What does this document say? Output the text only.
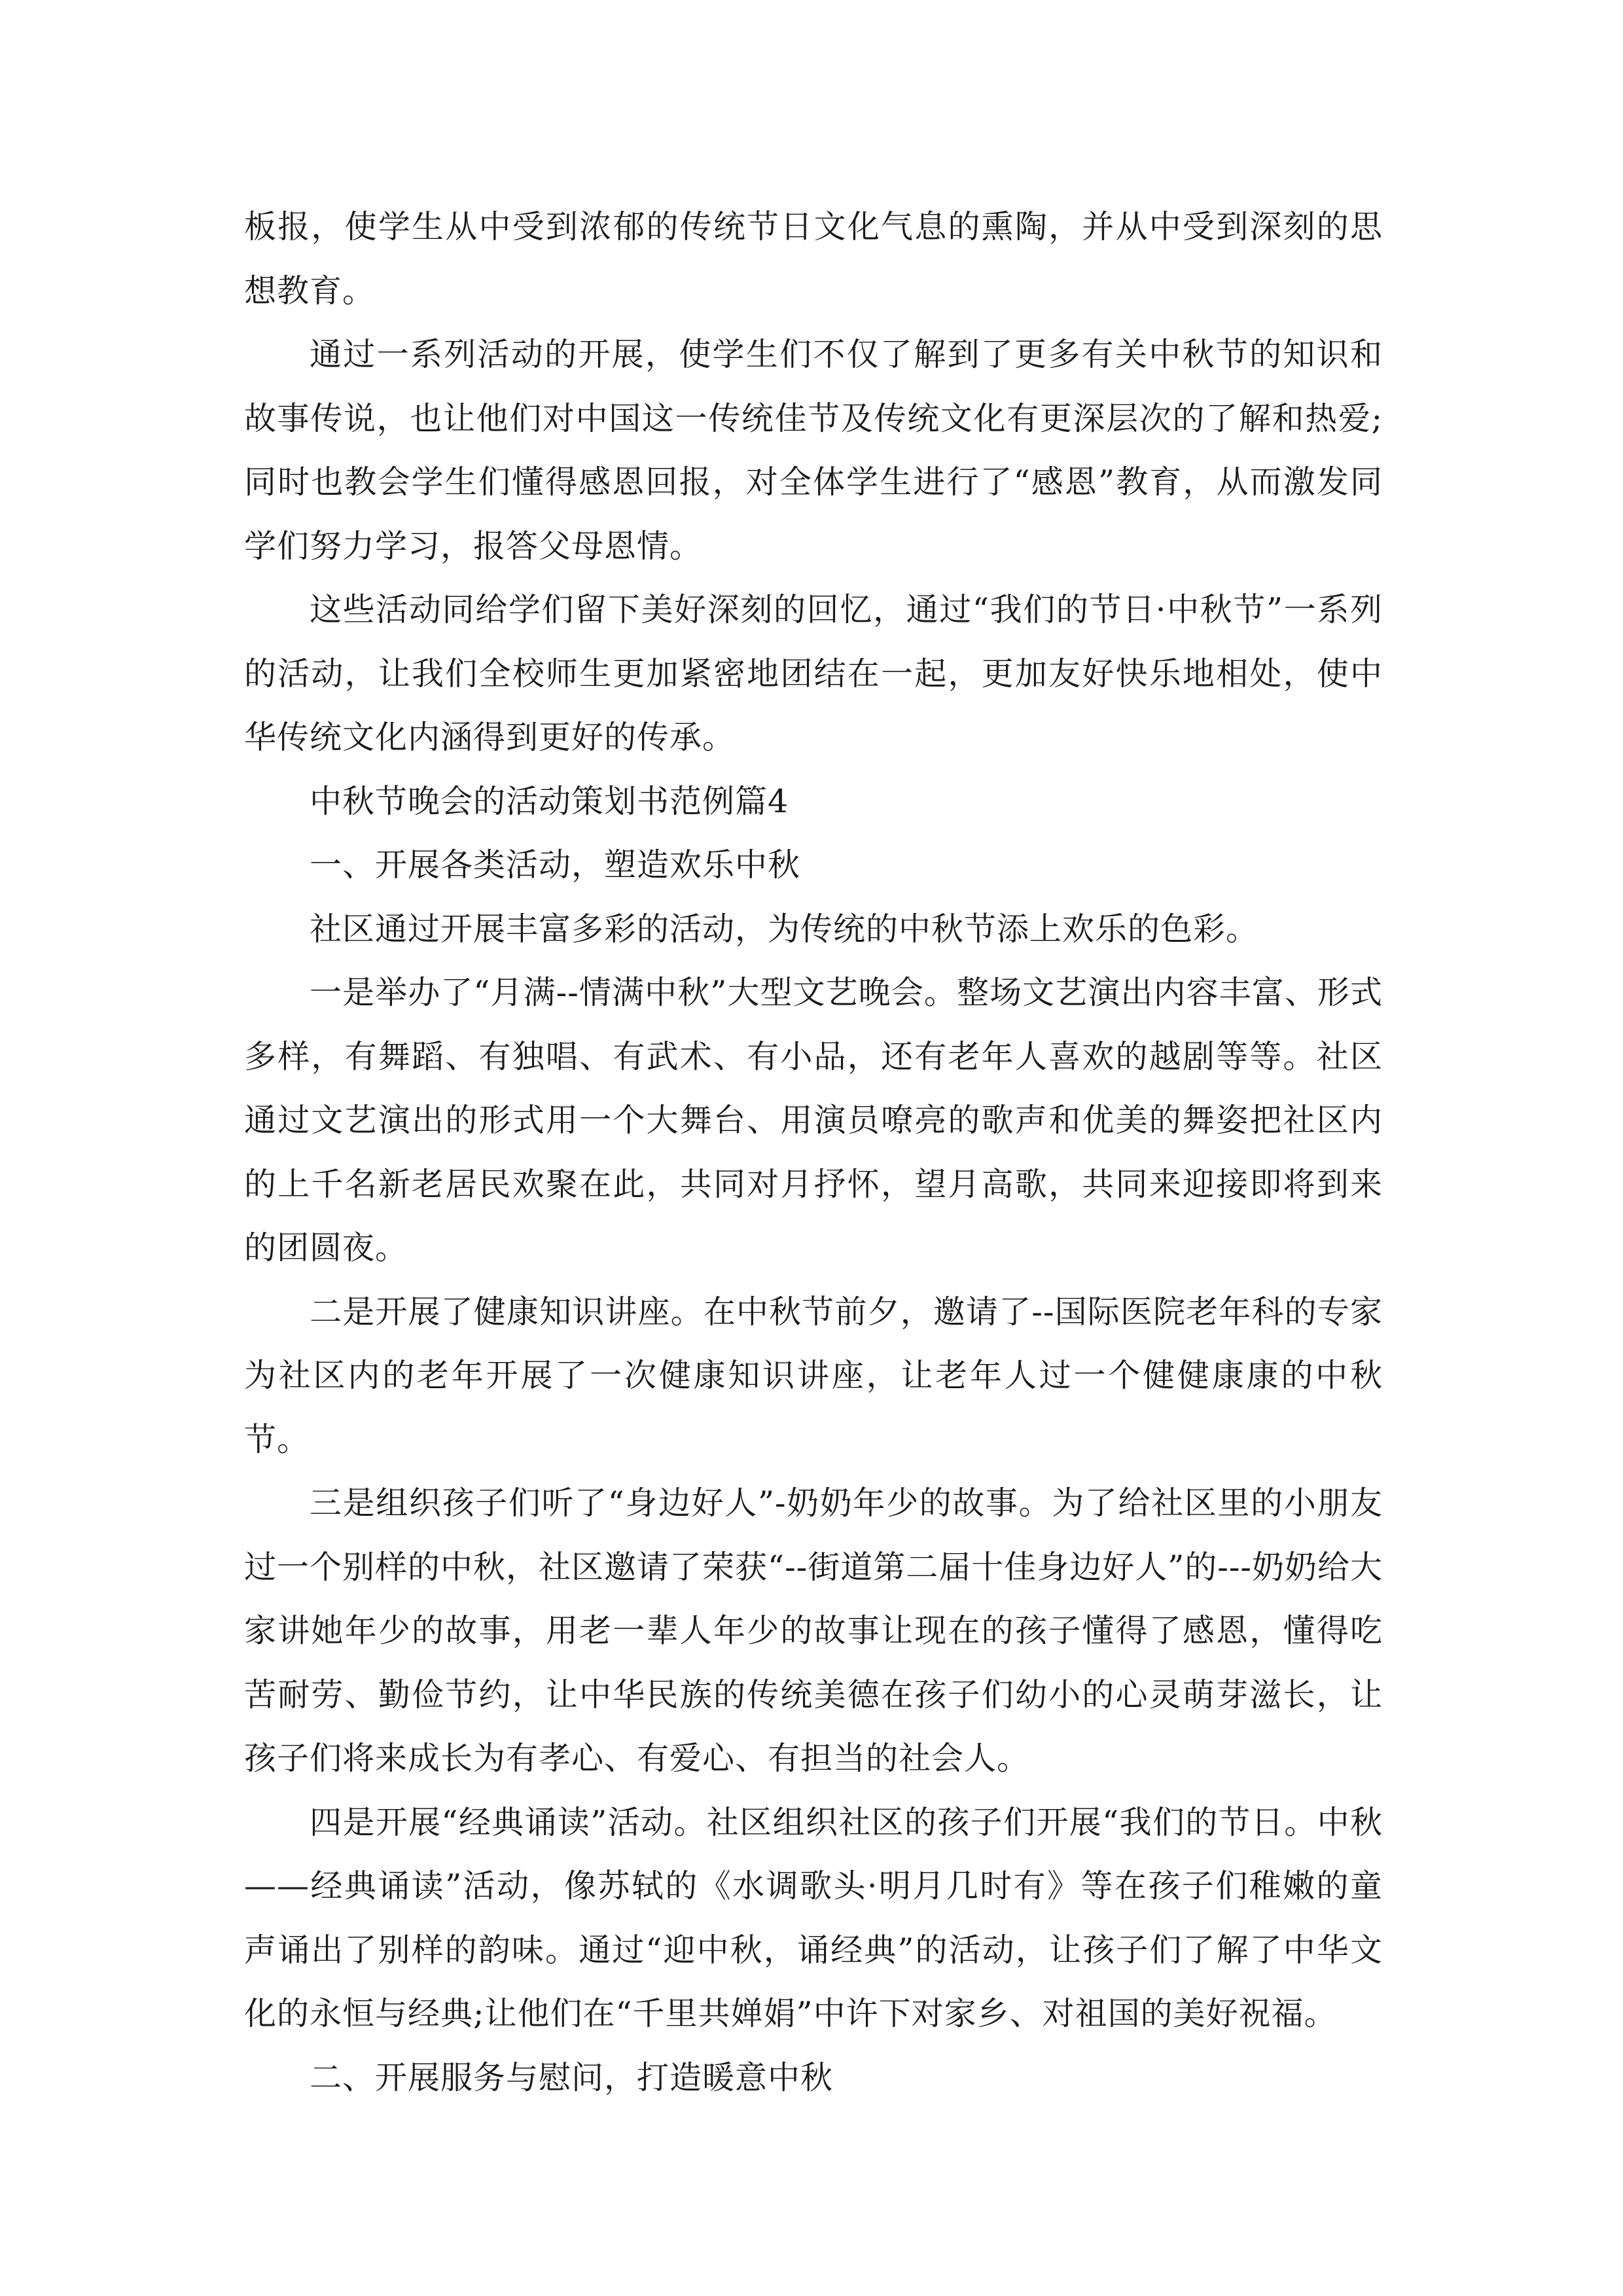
板报，使学生从中受到浓郁的传统节日文化气息的熏陶，并从中受到深刻的思想教育。

通过一系列活动的开展，使学生们不仅了解到了更多有关中秋节的知识和故事传说，也让他们对中国这一传统佳节及传统文化有更深层次的了解和热爱;同时也教会学生们懂得感恩回报，对全体学生进行了“感恩”教育，从而激发同学们努力学习，报答父母恩情。

这些活动同给学们留下美好深刻的回忆，通过“我们的节日·中秋节”一系列的活动，让我们全校师生更加紧密地团结在一起，更加友好快乐地相处，使中华传统文化内涵得到更好的传承。

中秋节晚会的活动策划书范例篇4

一、开展各类活动，塑造欢乐中秋

社区通过开展丰富多彩的活动，为传统的中秋节添上欢乐的色彩。

一是举办了“月满--情满中秋”大型文艺晚会。整场文艺演出内容丰富、形式多样，有舞蹈、有独唱、有武术、有小品，还有老年人喜欢的越剧等等。社区通过文艺演出的形式用一个大舞台、用演员嘹亮的歌声和优美的舞姿把社区内的上千名新老居民欢聚在此，共同对月抒怀，望月高歌，共同来迎接即将到来的团圆夜。

二是开展了健康知识讲座。在中秋节前夕，邀请了--国际医院老年科的专家为社区内的老年开展了一次健康知识讲座，让老年人过一个健健康康的中秋节。

三是组织孩子们听了“身边好人”-奶奶年少的故事。为了给社区里的小朋友过一个别样的中秋，社区邀请了荣获“--街道第二届十佳身边好人”的---奶奶给大家讲她年少的故事，用老一辈人年少的故事让现在的孩子懂得了感恩，懂得吃苦耐劳、勤俭节约，让中华民族的传统美德在孩子们幼小的心灵萌芽滋长，让孩子们将来成长为有孝心、有爱心、有担当的社会人。

四是开展“经典诵读”活动。社区组织社区的孩子们开展“我们的节日。中秋——经典诵读”活动，像苏轼的《水调歌头·明月几时有》等在孩子们稚嫩的童声诵出了别样的韵味。通过“迎中秋，诵经典”的活动，让孩子们了解了中华文化的永恒与经典;让他们在“千里共婵娟”中许下对家乡、对祖国的美好祝福。

二、开展服务与慰问，打造暖意中秋
